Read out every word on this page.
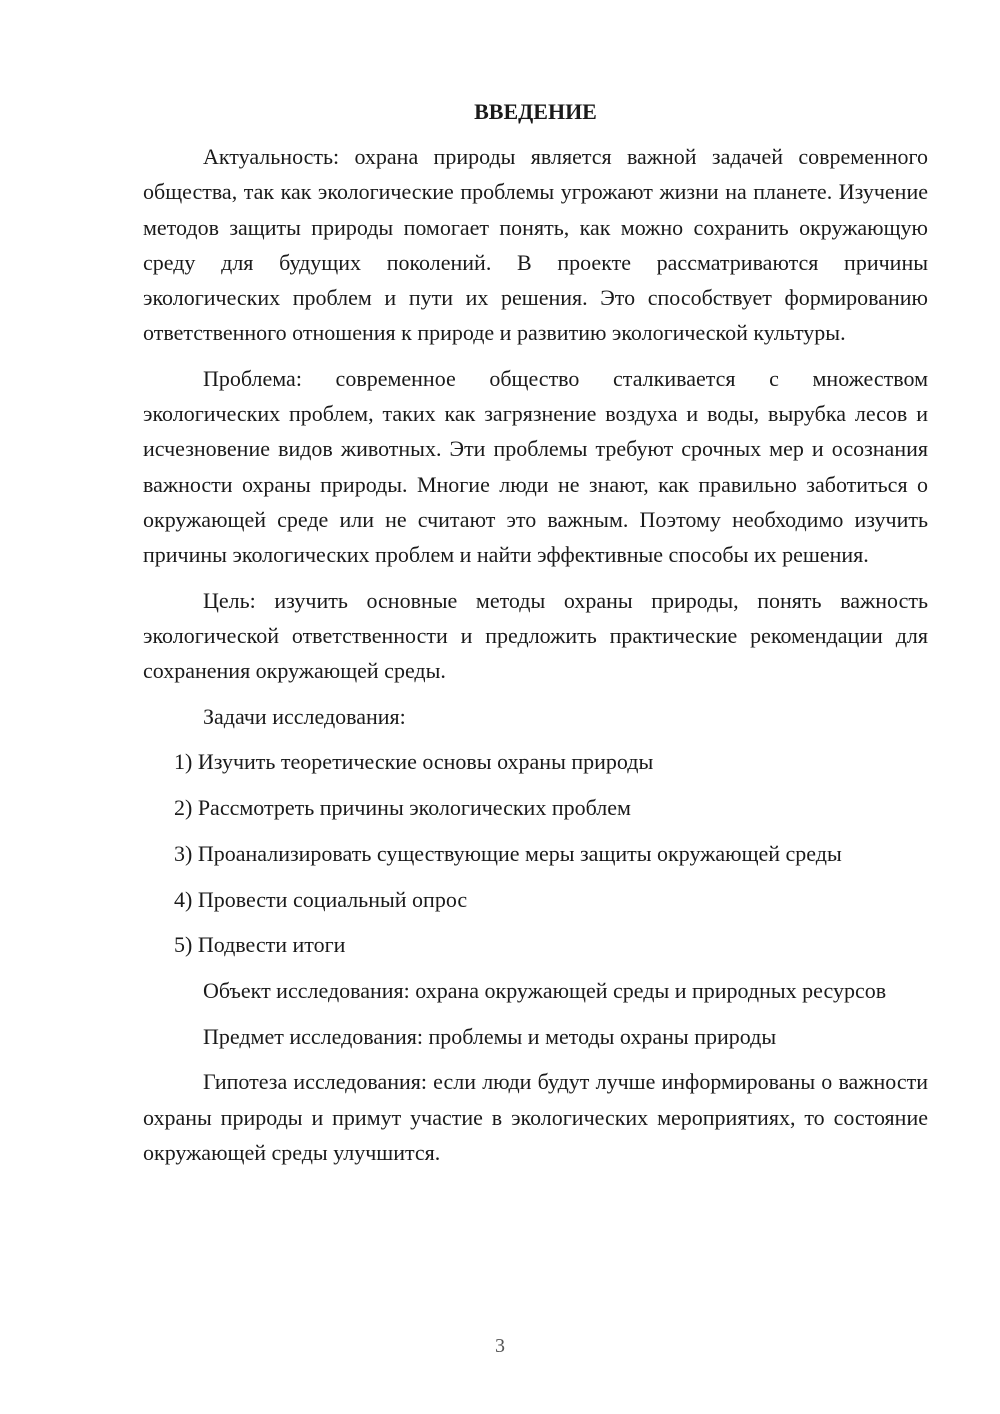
ВВЕДЕНИЕ

Актуальность: охрана природы является важной задачей современного общества, так как экологические проблемы угрожают жизни на планете. Изучение методов защиты природы помогает понять, как можно сохранить окружающую среду для будущих поколений. В проекте рассматриваются причины экологических проблем и пути их решения. Это способствует формированию ответственного отношения к природе и развитию экологической культуры.

Проблема: современное общество сталкивается с множеством экологических проблем, таких как загрязнение воздуха и воды, вырубка лесов и исчезновение видов животных. Эти проблемы требуют срочных мер и осознания важности охраны природы. Многие люди не знают, как правильно заботиться о окружающей среде или не считают это важным. Поэтому необходимо изучить причины экологических проблем и найти эффективные способы их решения.

Цель: изучить основные методы охраны природы, понять важность экологической ответственности и предложить практические рекомендации для сохранения окружающей среды.

Задачи исследования:

1) Изучить теоретические основы охраны природы

2) Рассмотреть причины экологических проблем

3) Проанализировать существующие меры защиты окружающей среды

4) Провести социальный опрос

5) Подвести итоги

Объект исследования: охрана окружающей среды и природных ресурсов

Предмет исследования: проблемы и методы охраны природы

Гипотеза исследования: если люди будут лучше информированы о важности охраны природы и примут участие в экологических мероприятиях, то состояние окружающей среды улучшится.

3
